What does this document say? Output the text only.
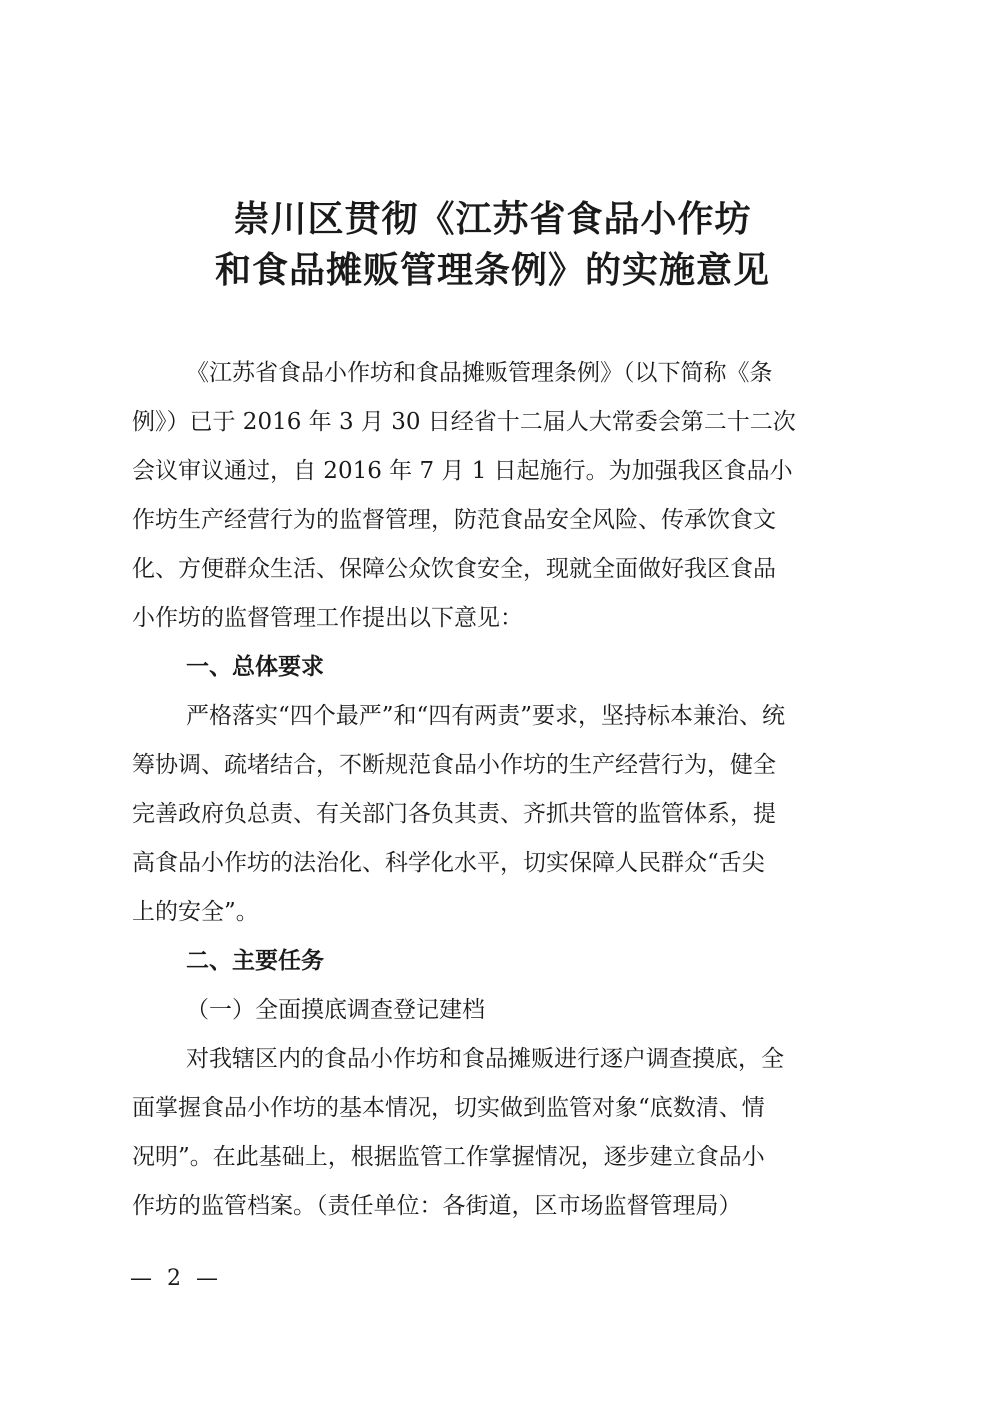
崇川区贯彻《江苏省食品小作坊
和食品摊贩管理条例》的实施意见
《江苏省食品小作坊和食品摊贩管理条例》（以下简称《条
例》）已于 2016 年 3 月 30 日经省十二届人大常委会第二十二次
会议审议通过，自 2016 年 7 月 1 日起施行。为加强我区食品小
作坊生产经营行为的监督管理，防范食品安全风险、传承饮食文
化、方便群众生活、保障公众饮食安全，现就全面做好我区食品
小作坊的监督管理工作提出以下意见：
一、总体要求
严格落实“四个最严”和“四有两责”要求，坚持标本兼治、统
筹协调、疏堵结合，不断规范食品小作坊的生产经营行为，健全
完善政府负总责、有关部门各负其责、齐抓共管的监管体系，提
高食品小作坊的法治化、科学化水平，切实保障人民群众“舌尖
上的安全”。
二、主要任务
（一）全面摸底调查登记建档
对我辖区内的食品小作坊和食品摊贩进行逐户调查摸底，全
面掌握食品小作坊的基本情况，切实做到监管对象“底数清、情
况明”。在此基础上，根据监管工作掌握情况，逐步建立食品小
作坊的监管档案。（责任单位：各街道，区市场监督管理局）
— 2 —
